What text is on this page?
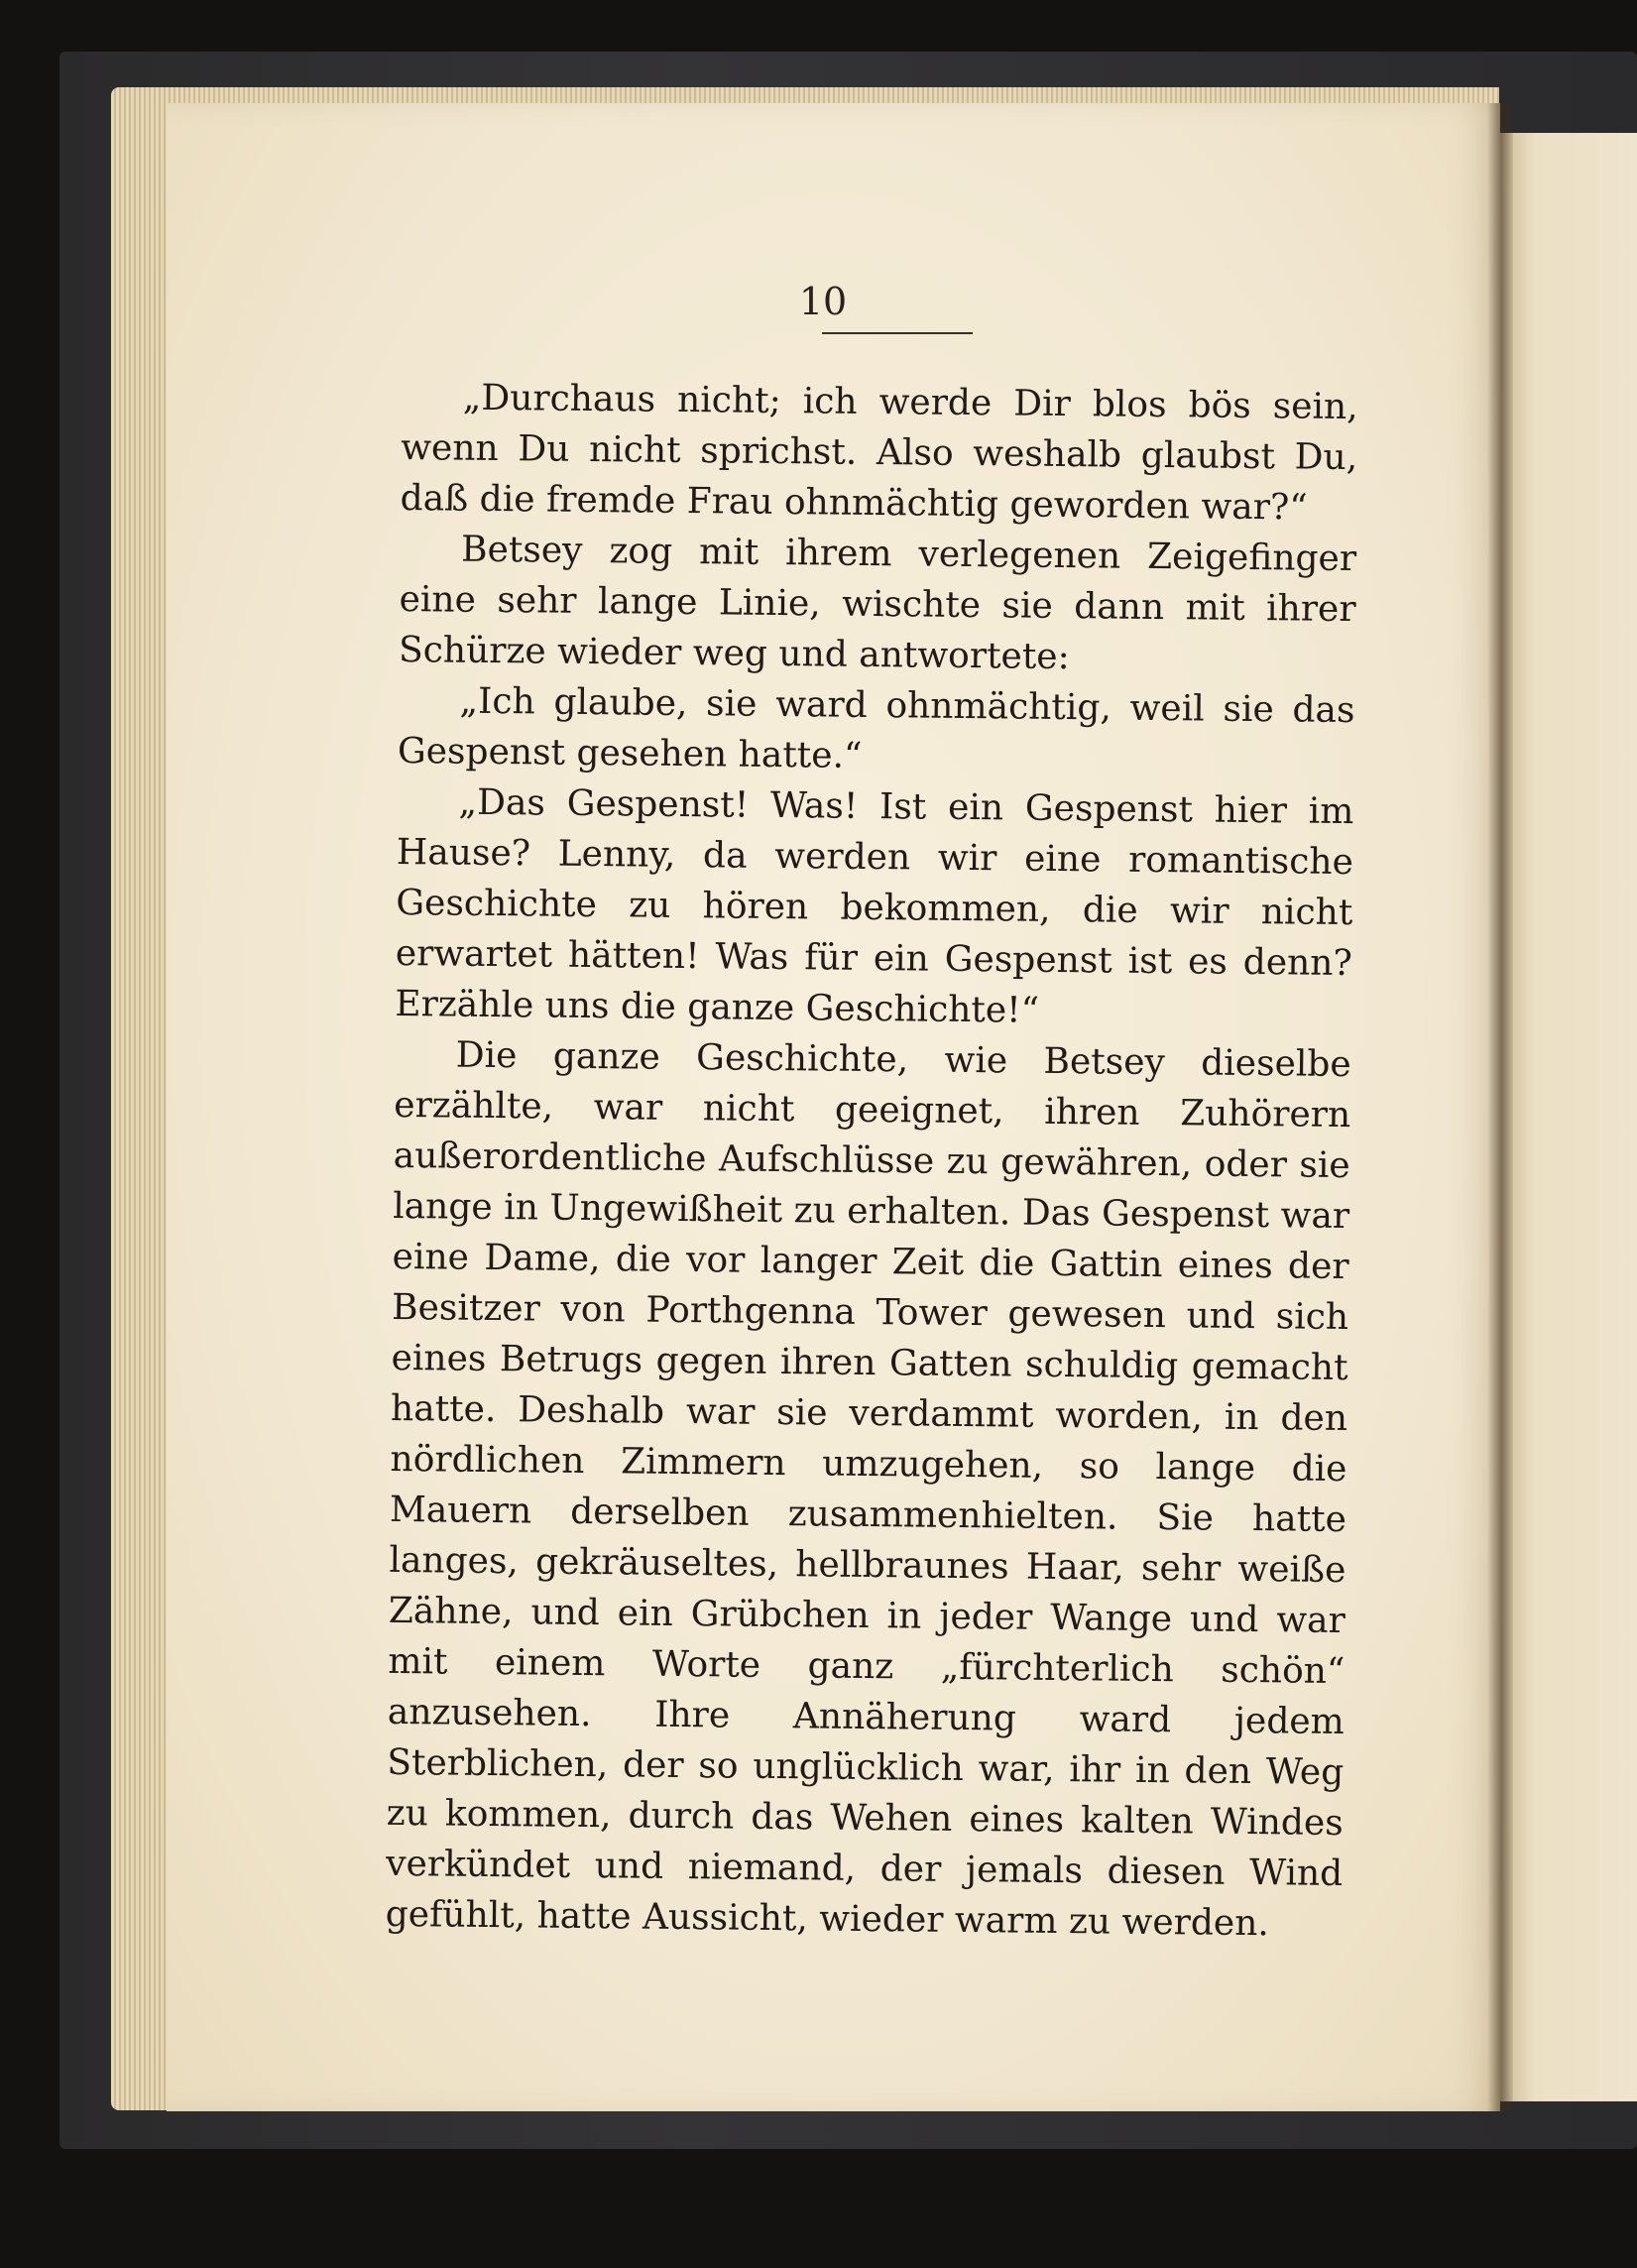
10

„Durchaus nicht; ich werde Dir blos bös sein, wenn Du nicht sprichst. Also weshalb glaubst Du, daß die fremde Frau ohnmächtig geworden war?“

Betsey zog mit ihrem verlegenen Zeigefinger eine sehr lange Linie, wischte sie dann mit ihrer Schürze wieder weg und antwortete:

„Ich glaube, sie ward ohnmächtig, weil sie das Gespenst gesehen hatte.“

„Das Gespenst! Was! Ist ein Gespenst hier im Hause? Lenny, da werden wir eine romantische Geschichte zu hören bekommen, die wir nicht erwartet hätten! Was für ein Gespenst ist es denn? Erzähle uns die ganze Geschichte!“

Die ganze Geschichte, wie Betsey dieselbe erzählte, war nicht geeignet, ihren Zuhörern außerordentliche Aufschlüsse zu gewähren, oder sie lange in Ungewißheit zu erhalten. Das Gespenst war eine Dame, die vor langer Zeit die Gattin eines der Besitzer von Porthgenna Tower gewesen und sich eines Betrugs gegen ihren Gatten schuldig gemacht hatte. Deshalb war sie verdammt worden, in den nördlichen Zimmern umzugehen, so lange die Mauern derselben zusammenhielten. Sie hatte langes, gekräuseltes, hellbraunes Haar, sehr weiße Zähne, und ein Grübchen in jeder Wange und war mit einem Worte ganz „fürchterlich schön“ anzusehen. Ihre Annäherung ward jedem Sterblichen, der so unglücklich war, ihr in den Weg zu kommen, durch das Wehen eines kalten Windes verkündet und niemand, der jemals diesen Wind gefühlt, hatte Aussicht, wieder warm zu werden.
